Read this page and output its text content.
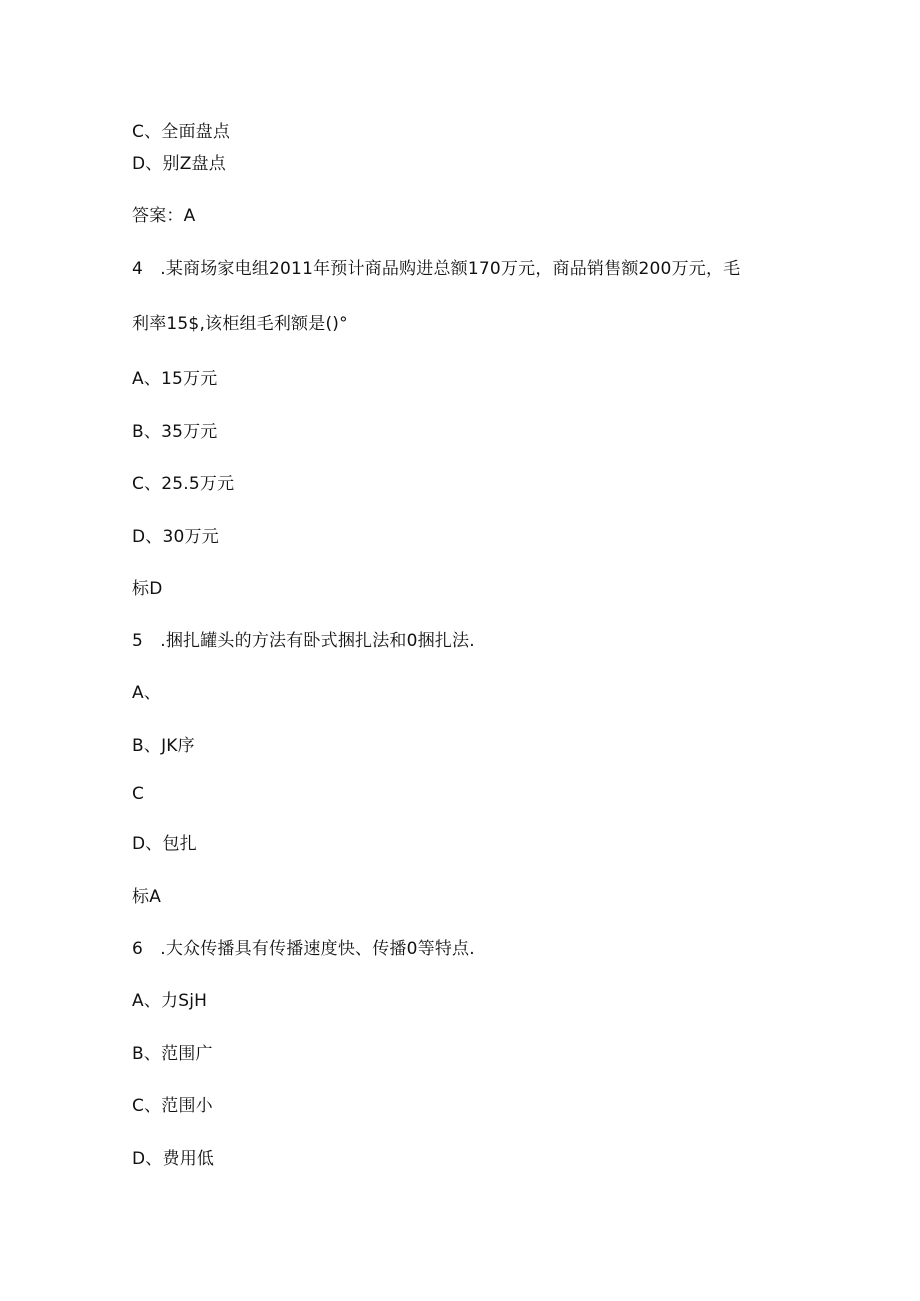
C、全面盘点
D、别Z盘点
答案：A
4　.某商场家电组2011年预计商品购进总额170万元，商品销售额200万元，毛
利率15$,该柜组毛利额是()°
A、15万元
B、35万元
C、25.5万元
D、30万元
标D
5　.捆扎罐头的方法有卧式捆扎法和0捆扎法.
A、
B、JK序
C
D、包扎
标A
6　.大众传播具有传播速度快、传播0等特点.
A、力SjH
B、范围广
C、范围小
D、费用低
